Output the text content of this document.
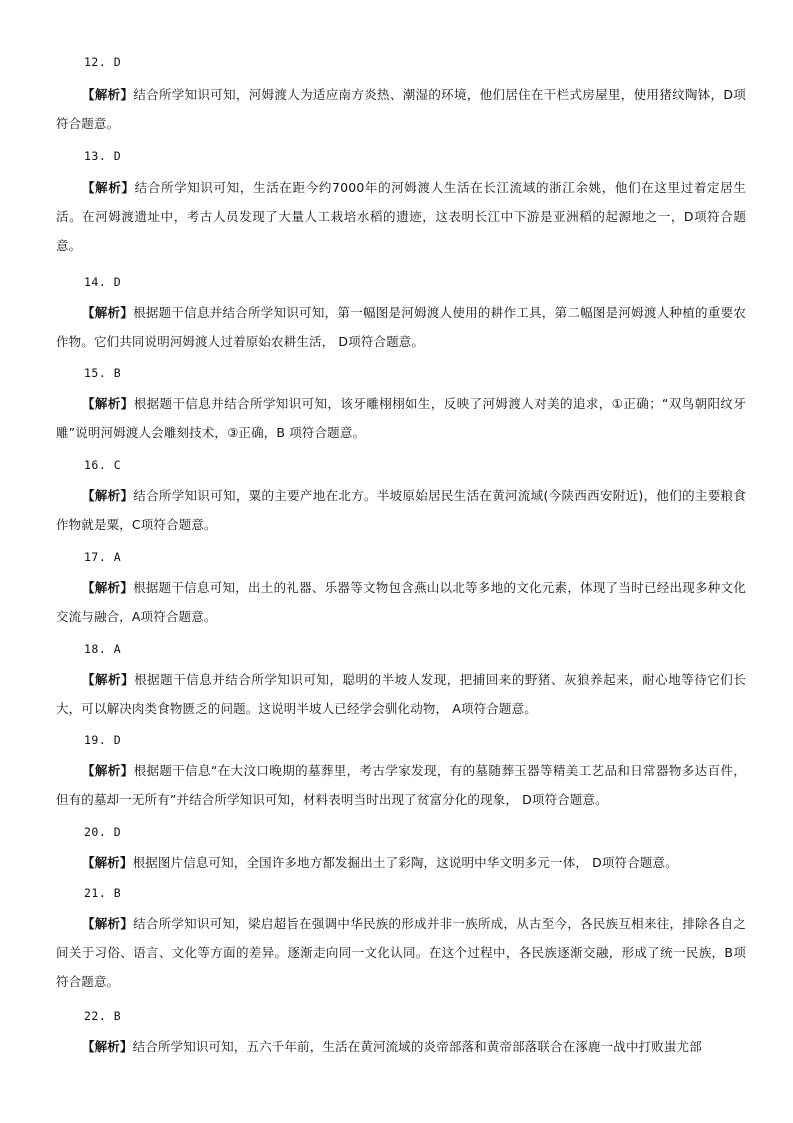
12. D
【解析】结合所学知识可知，河姆渡人为适应南方炎热、潮湿的环境，他们居住在干栏式房屋里，使用猪纹陶钵，D项符合题意。
13. D
【解析】结合所学知识可知，生活在距今约7000年的河姆渡人生活在长江流域的浙江余姚，他们在这里过着定居生活。在河姆渡遗址中，考古人员发现了大量人工栽培水稻的遗迹，这表明长江中下游是亚洲稻的起源地之一，D项符合题意。
14. D
【解析】根据题干信息并结合所学知识可知，第一幅图是河姆渡人使用的耕作工具，第二幅图是河姆渡人种植的重要农作物。它们共同说明河姆渡人过着原始农耕生活， D项符合题意。
15. B
【解析】根据题干信息并结合所学知识可知，该牙雕栩栩如生，反映了河姆渡人对美的追求，①正确；“双鸟朝阳纹牙雕”说明河姆渡人会雕刻技术，③正确，B 项符合题意。
16. C
【解析】结合所学知识可知，粟的主要产地在北方。半坡原始居民生活在黄河流域(今陕西西安附近)，他们的主要粮食作物就是粟，C项符合题意。
17. A
【解析】根据题干信息可知，出土的礼器、乐器等文物包含燕山以北等多地的文化元素，体现了当时已经出现多种文化交流与融合，A项符合题意。
18. A
【解析】根据题干信息并结合所学知识可知，聪明的半坡人发现，把捕回来的野猪、灰狼养起来，耐心地等待它们长大，可以解决肉类食物匮乏的问题。这说明半坡人已经学会驯化动物， A项符合题意。
19. D
【解析】根据题干信息“在大汶口晚期的墓葬里，考古学家发现，有的墓随葬玉器等精美工艺品和日常器物多达百件，但有的墓却一无所有”并结合所学知识可知，材料表明当时出现了贫富分化的现象， D项符合题意。
20. D
【解析】根据图片信息可知，全国许多地方都发掘出土了彩陶，这说明中华文明多元一体， D项符合题意。
21. B
【解析】结合所学知识可知，梁启超旨在强调中华民族的形成并非一族所成，从古至今，各民族互相来往，排除各自之间关于习俗、语言、文化等方面的差异。逐渐走向同一文化认同。在这个过程中，各民族逐渐交融，形成了统一民族，B项符合题意。
22. B
【解析】结合所学知识可知，五六千年前，生活在黄河流域的炎帝部落和黄帝部落联合在涿鹿一战中打败蚩尤部
